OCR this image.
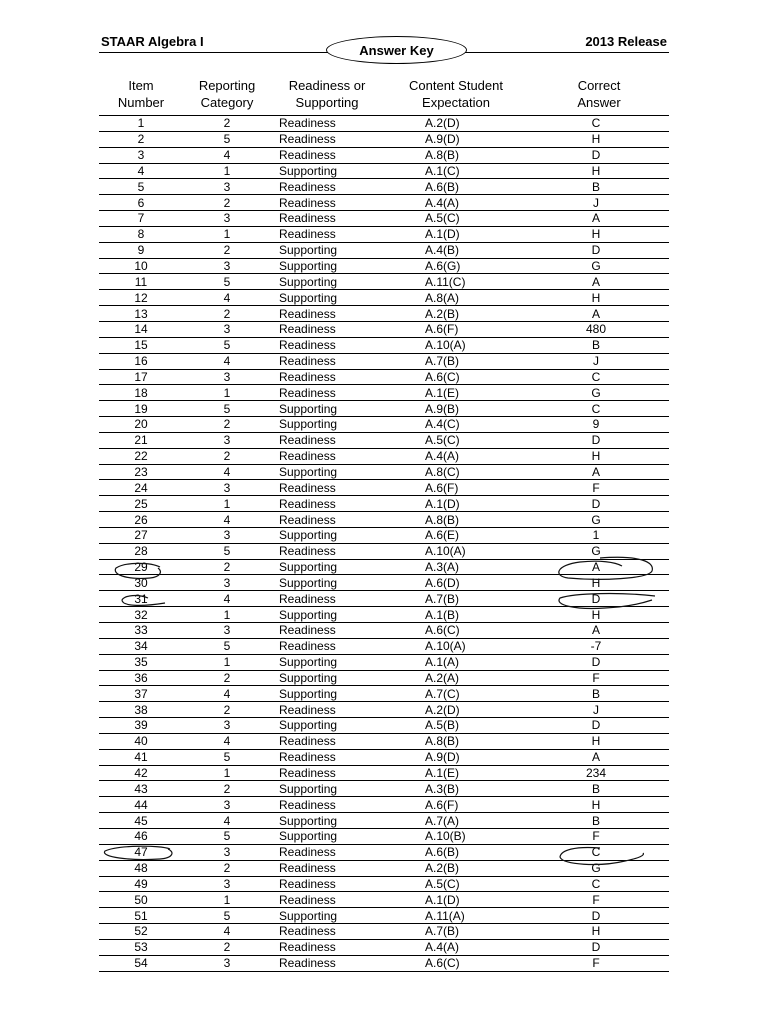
STAAR Algebra I	2013 Release
Answer Key
Item
Number
Reporting
Category
Readiness or
Supporting
Content Student
Expectation
Correct
Answer
1	2	Readiness	A.2(D)	C
2	5	Readiness	A.9(D)	H
3	4	Readiness	A.8(B)	D
4	1	Supporting	A.1(C)	H
5	3	Readiness	A.6(B)	B
6	2	Readiness	A.4(A)	J
7	3	Readiness	A.5(C)	A
8	1	Readiness	A.1(D)	H
9	2	Supporting	A.4(B)	D
10	3	Supporting	A.6(G)	G
11	5	Supporting	A.11(C)	A
12	4	Supporting	A.8(A)	H
13	2	Readiness	A.2(B)	A
14	3	Readiness	A.6(F)	480
15	5	Readiness	A.10(A)	B
16	4	Readiness	A.7(B)	J
17	3	Readiness	A.6(C)	C
18	1	Readiness	A.1(E)	G
19	5	Supporting	A.9(B)	C
20	2	Supporting	A.4(C)	9
21	3	Readiness	A.5(C)	D
22	2	Readiness	A.4(A)	H
23	4	Supporting	A.8(C)	A
24	3	Readiness	A.6(F)	F
25	1	Readiness	A.1(D)	D
26	4	Readiness	A.8(B)	G
27	3	Supporting	A.6(E)	1
28	5	Readiness	A.10(A)	G
29	2	Supporting	A.3(A)	A
30	3	Supporting	A.6(D)	H
31	4	Readiness	A.7(B)	D
32	1	Supporting	A.1(B)	H
33	3	Readiness	A.6(C)	A
34	5	Readiness	A.10(A)	-7
35	1	Supporting	A.1(A)	D
36	2	Supporting	A.2(A)	F
37	4	Supporting	A.7(C)	B
38	2	Readiness	A.2(D)	J
39	3	Supporting	A.5(B)	D
40	4	Readiness	A.8(B)	H
41	5	Readiness	A.9(D)	A
42	1	Readiness	A.1(E)	234
43	2	Supporting	A.3(B)	B
44	3	Readiness	A.6(F)	H
45	4	Supporting	A.7(A)	B
46	5	Supporting	A.10(B)	F
47	3	Readiness	A.6(B)	C
48	2	Readiness	A.2(B)	G
49	3	Readiness	A.5(C)	C
50	1	Readiness	A.1(D)	F
51	5	Supporting	A.11(A)	D
52	4	Readiness	A.7(B)	H
53	2	Readiness	A.4(A)	D
54	3	Readiness	A.6(C)	F
